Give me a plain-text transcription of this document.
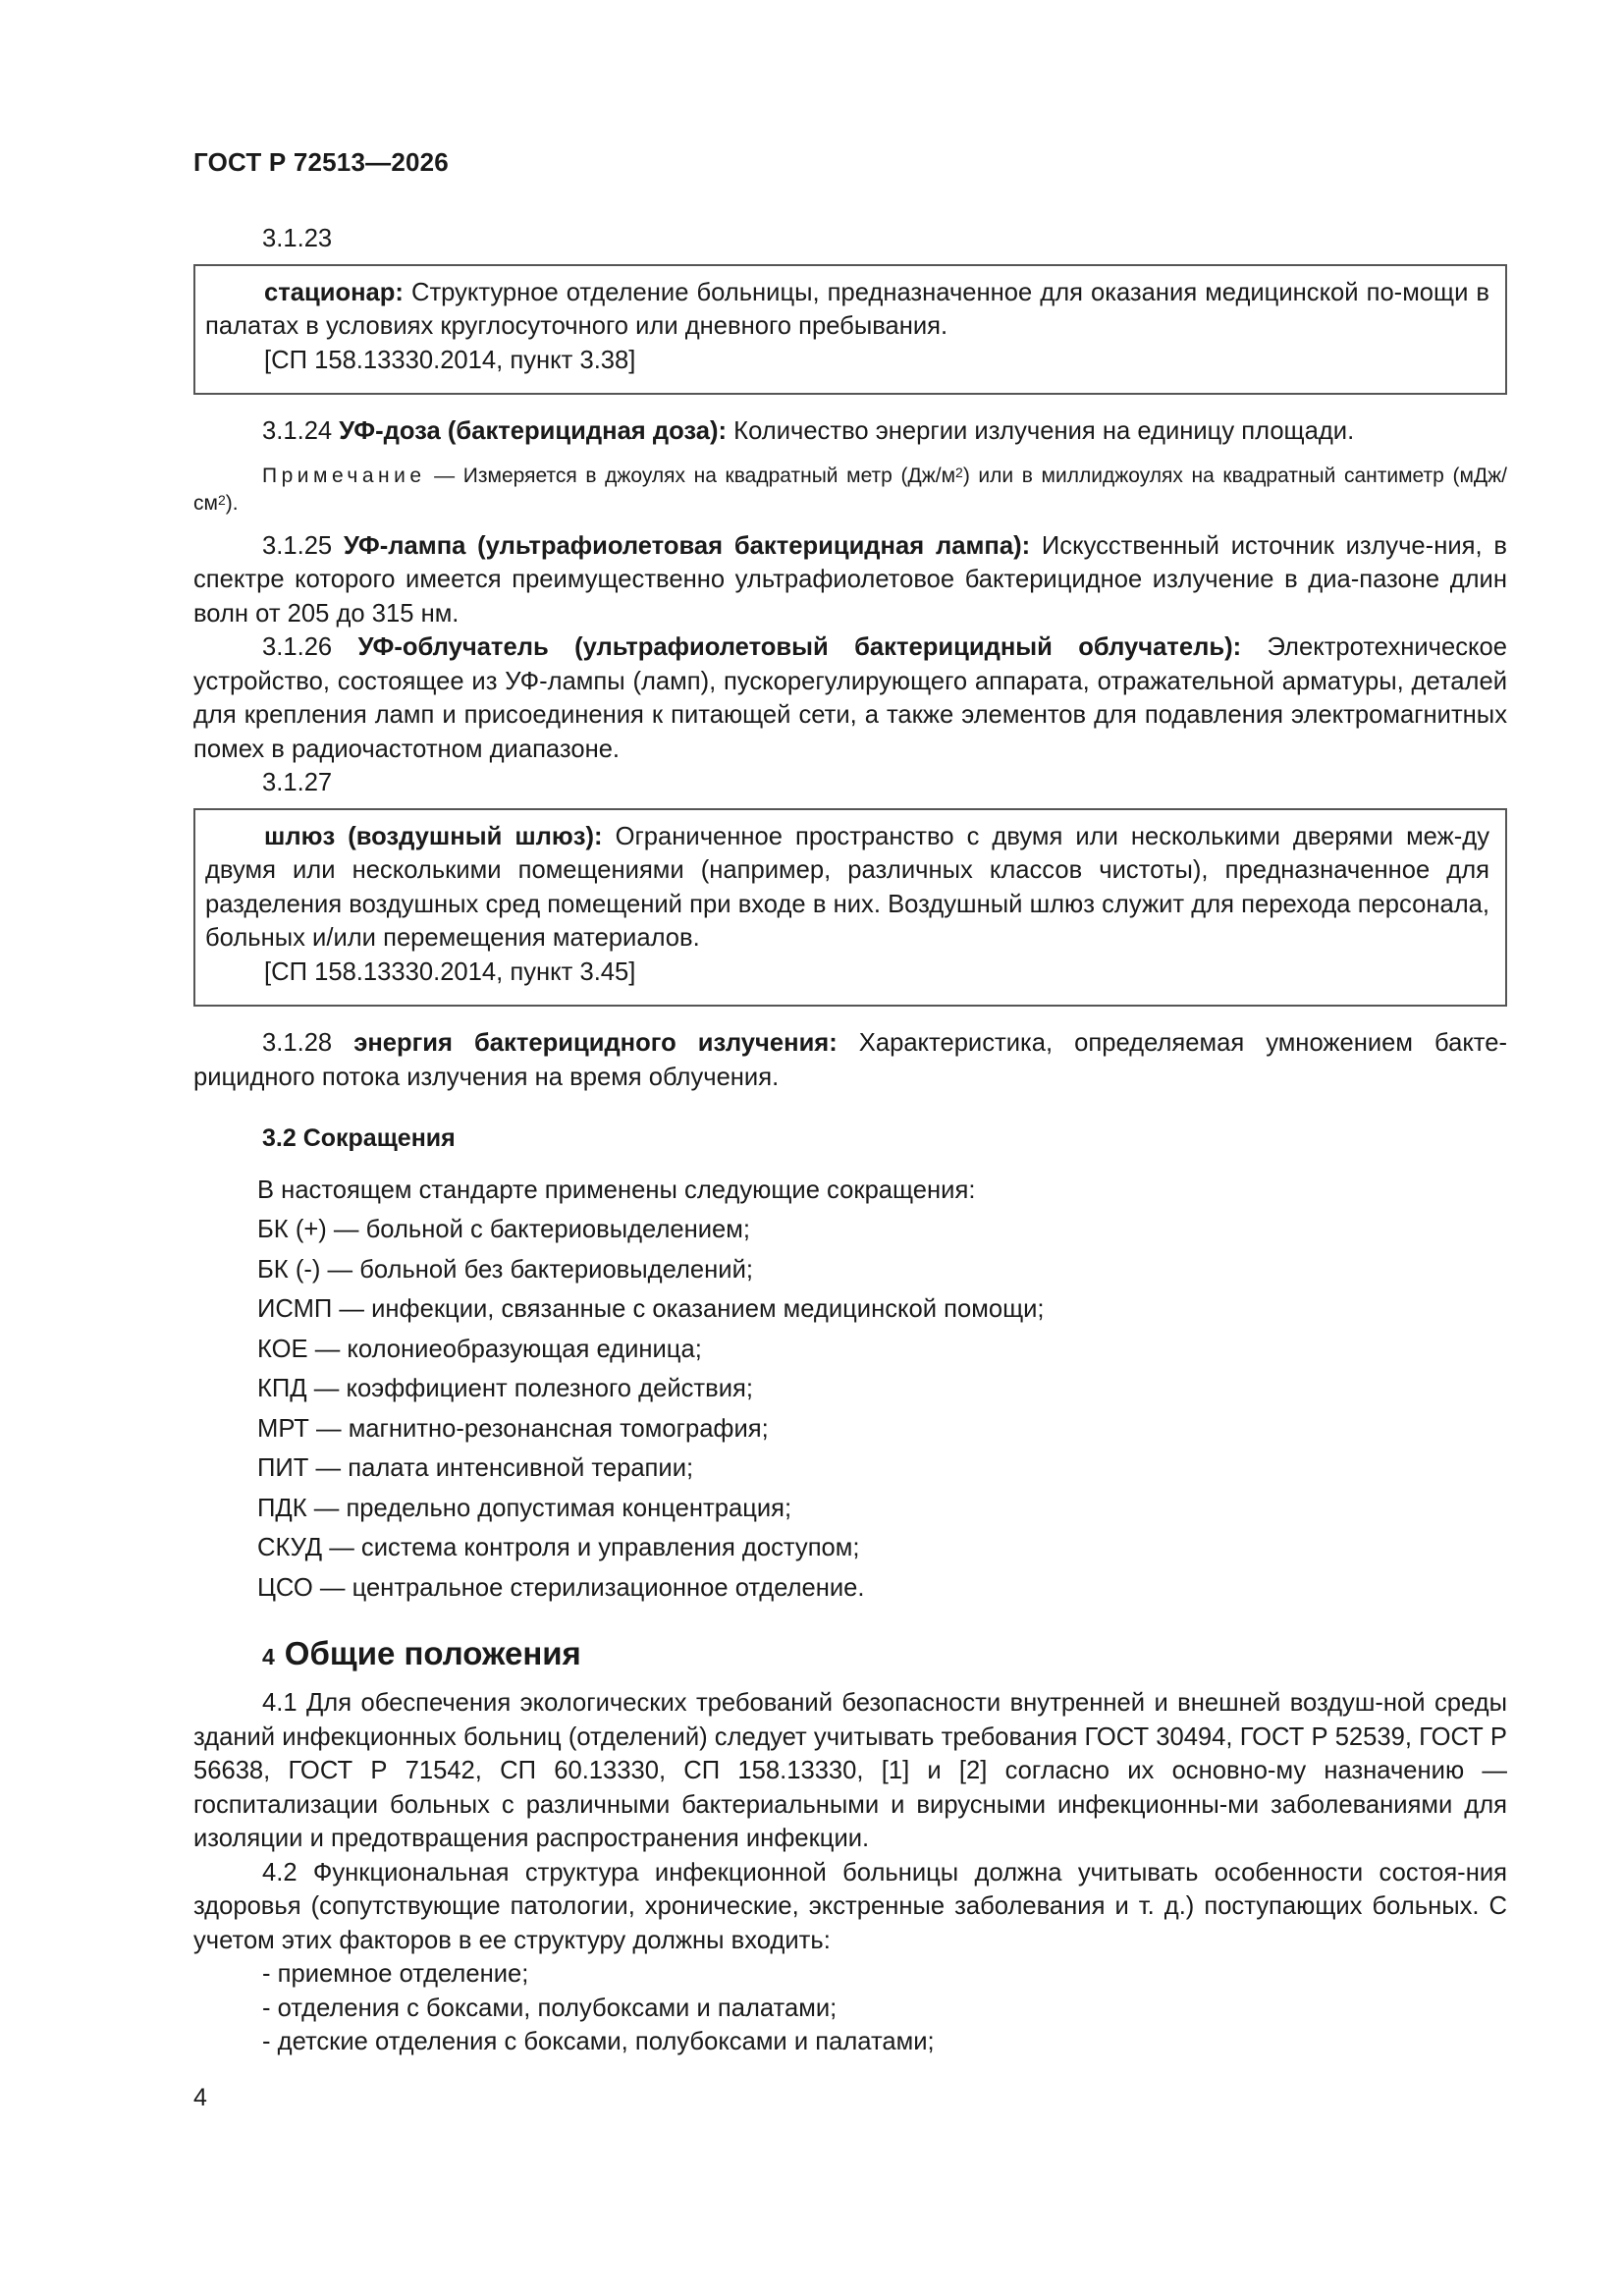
ГОСТ Р 72513—2026

3.1.23

стационар: Структурное отделение больницы, предназначенное для оказания медицинской по-мощи в палатах в условиях круглосуточного или дневного пребывания.

[СП 158.13330.2014, пункт 3.38]

3.1.24 УФ-доза (бактерицидная доза): Количество энергии излучения на единицу площади.

Примечание — Измеряется в джоулях на квадратный метр $(Дж/м^2)$ или в миллиджоулях на квадратный сантиметр $(мДж/см^2)$.

3.1.25 УФ-лампа (ультрафиолетовая бактерицидная лампа): Искусственный источник излуче-ния, в спектре которого имеется преимущественно ультрафиолетовое бактерицидное излучение в диа-пазоне длин волн от 205 до 315 нм.

3.1.26 УФ-облучатель (ультрафиолетовый бактерицидный облучатель): Электротехническое устройство, состоящее из УФ-лампы (ламп), пускорегулирующего аппарата, отражательной арматуры, деталей для крепления ламп и присоединения к питающей сети, а также элементов для подавления электромагнитных помех в радиочастотном диапазоне.

3.1.27

шлюз (воздушный шлюз): Ограниченное пространство с двумя или несколькими дверями меж-ду двумя или несколькими помещениями (например, различных классов чистоты), предназначенное для разделения воздушных сред помещений при входе в них. Воздушный шлюз служит для перехода персонала, больных и/или перемещения материалов.

[СП 158.13330.2014, пункт 3.45]

3.1.28 энергия бактерицидного излучения: Характеристика, определяемая умножением бакте-рицидного потока излучения на время облучения.

3.2 Сокращения

В настоящем стандарте применены следующие сокращения:

БК (+) — больной с бактериовыделением;

БК (-) — больной без бактериовыделений;

ИСМП — инфекции, связанные с оказанием медицинской помощи;

КОЕ — колониеобразующая единица;

КПД — коэффициент полезного действия;

МРТ — магнитно-резонансная томография;

ПИТ — палата интенсивной терапии;

ПДК — предельно допустимая концентрация;

СКУД — система контроля и управления доступом;

ЦСО — центральное стерилизационное отделение.

4 Общие положения

4.1 Для обеспечения экологических требований безопасности внутренней и внешней воздуш-ной среды зданий инфекционных больниц (отделений) следует учитывать требования ГОСТ 30494, ГОСТ Р 52539, ГОСТ Р 56638, ГОСТ Р 71542, СП 60.13330, СП 158.13330, [1] и [2] согласно их основно-му назначению — госпитализации больных с различными бактериальными и вирусными инфекционны-ми заболеваниями для изоляции и предотвращения распространения инфекции.

4.2 Функциональная структура инфекционной больницы должна учитывать особенности состоя-ния здоровья (сопутствующие патологии, хронические, экстренные заболевания и т. д.) поступающих больных. С учетом этих факторов в ее структуру должны входить:

- приемное отделение;

- отделения с боксами, полубоксами и палатами;

- детские отделения с боксами, полубоксами и палатами;

4
